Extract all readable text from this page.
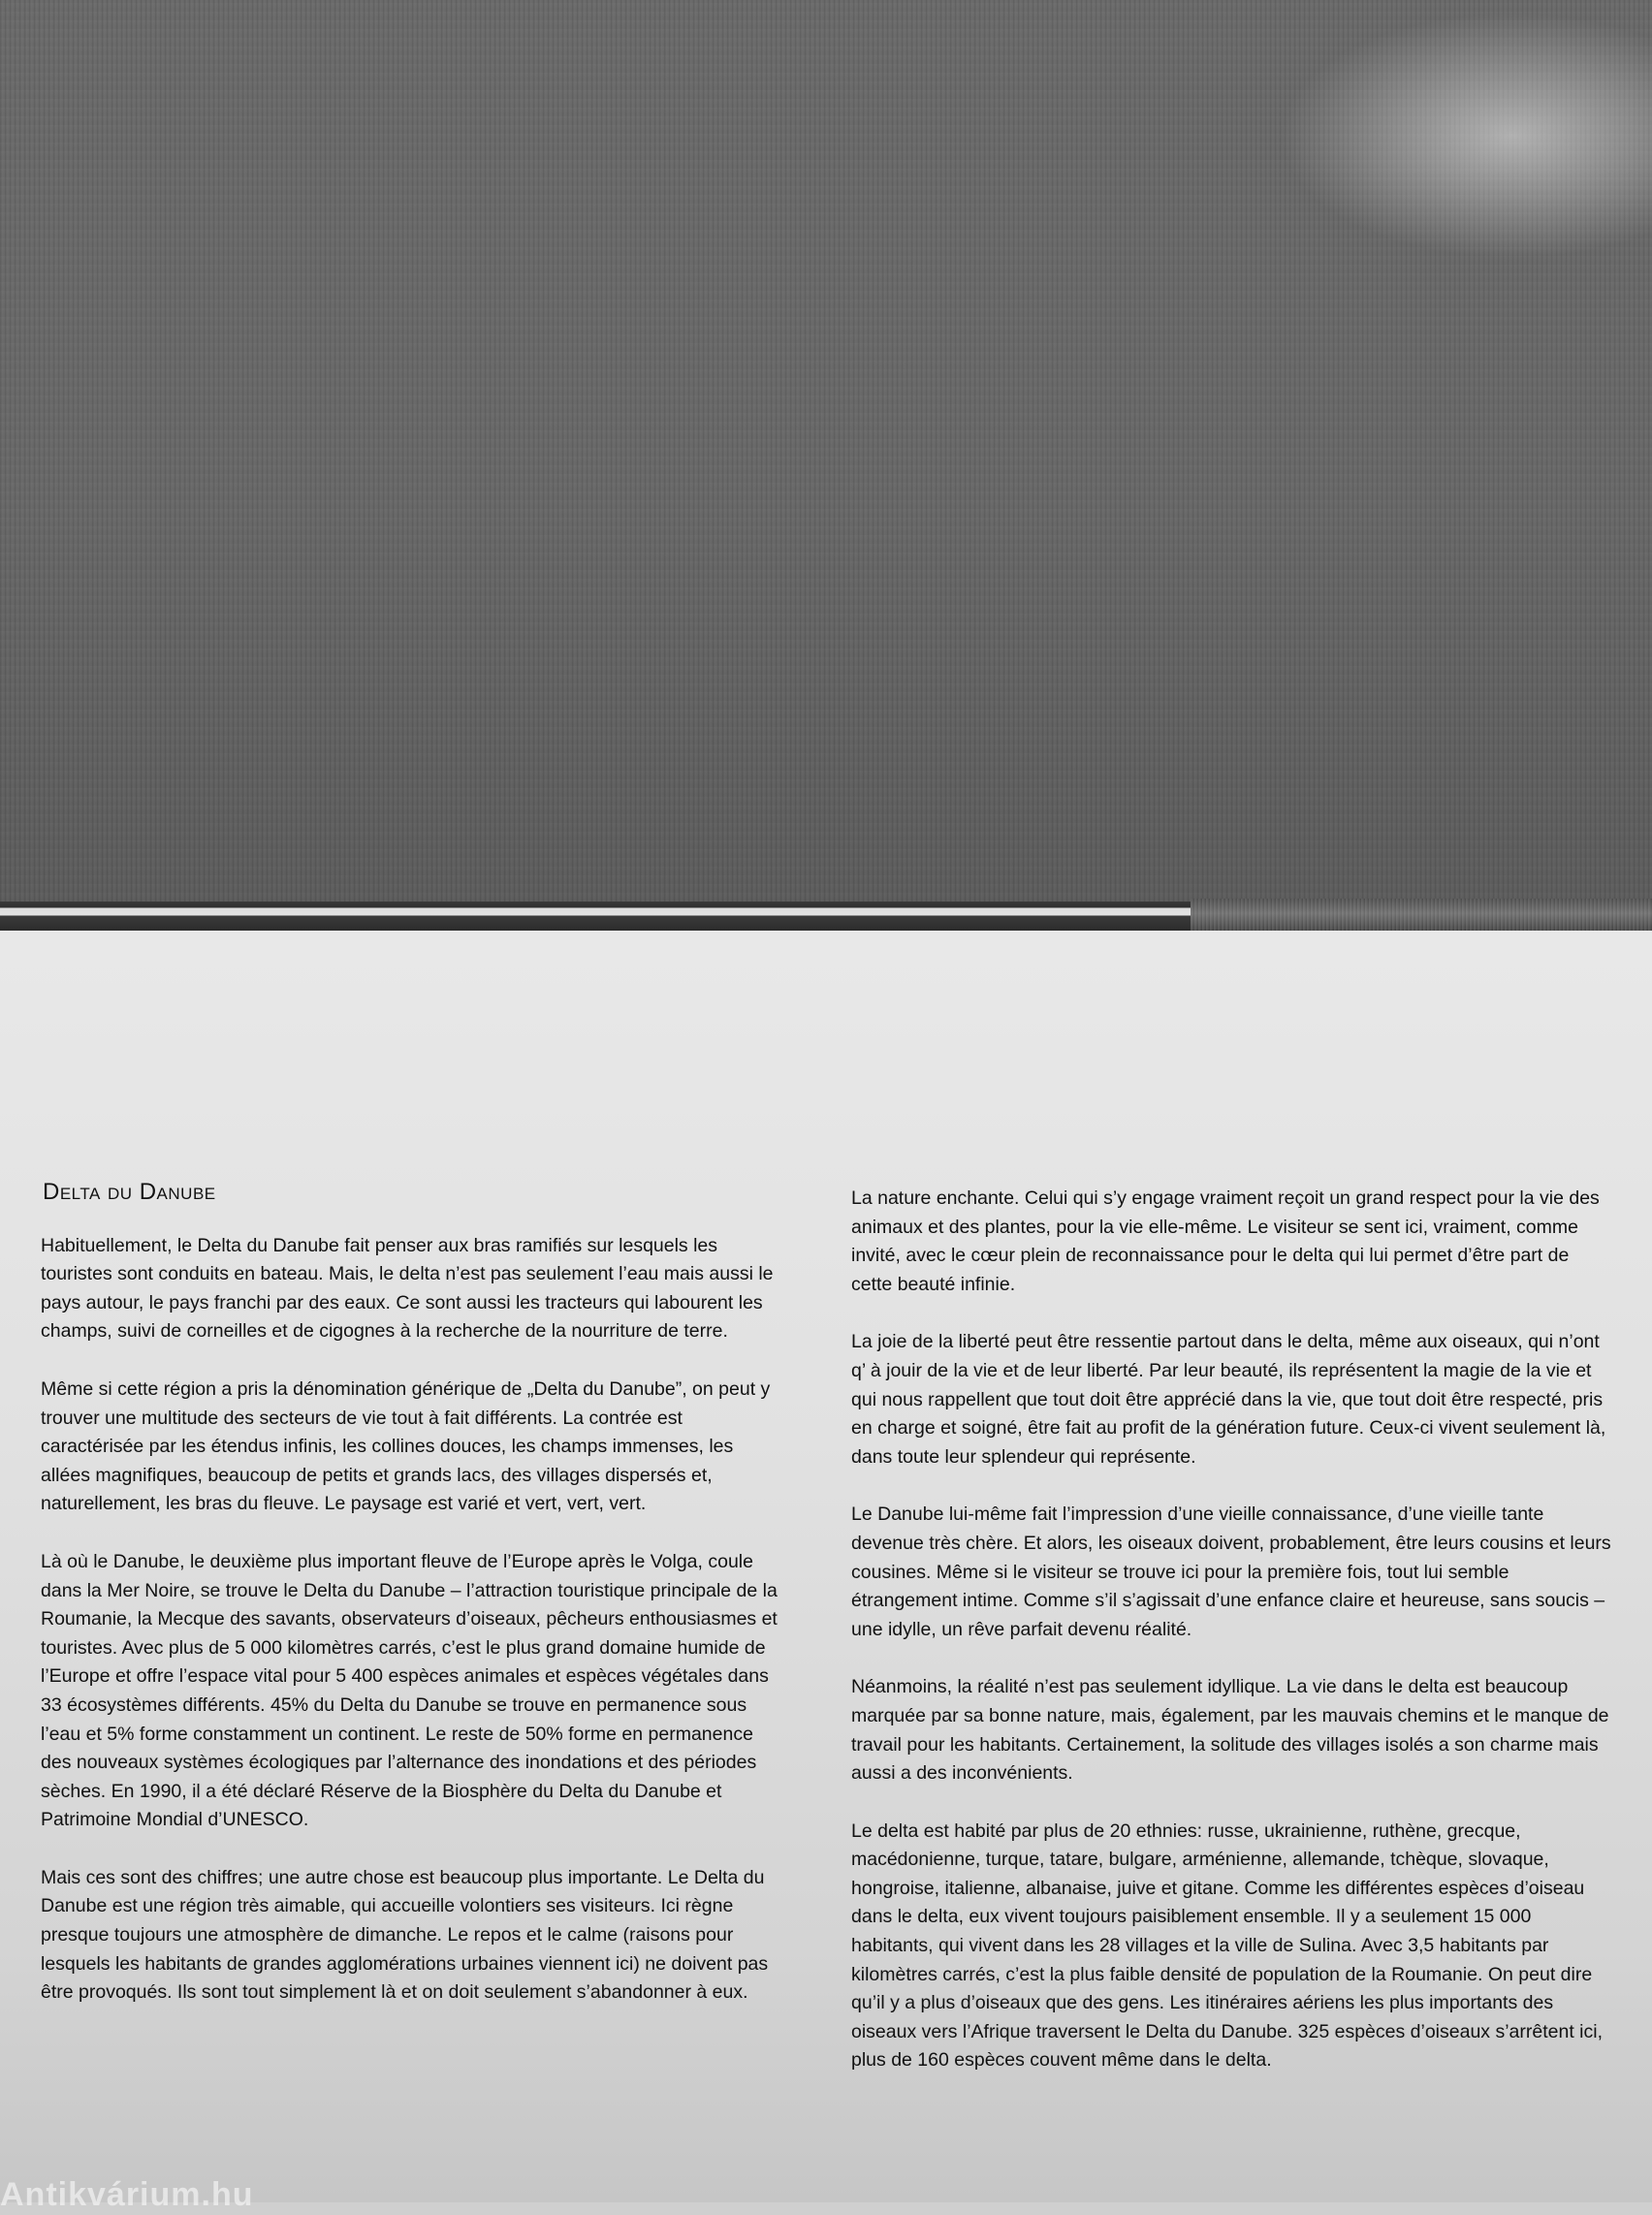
Delta du Danube

Habituellement, le Delta du Danube fait penser aux bras ramifiés sur lesquels les touristes sont conduits en bateau. Mais, le delta n’est pas seulement l’eau mais aussi le pays autour, le pays franchi par des eaux. Ce sont aussi les tracteurs qui labourent les champs, suivi de corneilles et de cigognes à la recherche de la nourriture de terre.

Même si cette région a pris la dénomination générique de „Delta du Danube”, on peut y trouver une multitude des secteurs de vie tout à fait différents. La contrée est caractérisée par les étendus infinis, les collines douces, les champs immenses, les allées magnifiques, beaucoup de petits et grands lacs, des villages dispersés et, naturellement, les bras du fleuve. Le paysage est varié et vert, vert, vert.

Là où le Danube, le deuxième plus important fleuve de l’Europe après le Volga, coule dans la Mer Noire, se trouve le Delta du Danube – l’attraction touristique principale de la Roumanie, la Mecque des savants, observateurs d’oiseaux, pêcheurs enthousiasmes et touristes. Avec plus de 5 000 kilomètres carrés, c’est le plus grand domaine humide de l’Europe et offre l’espace vital pour 5 400 espèces animales et espèces végétales dans 33 écosystèmes différents. 45% du Delta du Danube se trouve en permanence sous l’eau et 5% forme constamment un continent. Le reste de 50% forme en permanence des nouveaux systèmes écologiques par l’alternance des inondations et des périodes sèches. En 1990, il a été déclaré Réserve de la Biosphère du Delta du Danube et Patrimoine Mondial d’UNESCO.

Mais ces sont des chiffres; une autre chose est beaucoup plus importante. Le Delta du Danube est une région très aimable, qui accueille volontiers ses visiteurs. Ici règne presque toujours une atmosphère de dimanche. Le repos et le calme (raisons pour lesquels les habitants de grandes agglomérations urbaines viennent ici) ne doivent pas être provoqués. Ils sont tout simplement là et on doit seulement s’abandonner à eux.

La nature enchante. Celui qui s’y engage vraiment reçoit un grand respect pour la vie des animaux et des plantes, pour la vie elle-même. Le visiteur se sent ici, vraiment, comme invité, avec le cœur plein de reconnaissance pour le delta qui lui permet d’être part de cette beauté infinie.

La joie de la liberté peut être ressentie partout dans le delta, même aux oiseaux, qui n’ont q’ à jouir de la vie et de leur liberté. Par leur beauté, ils représentent la magie de la vie et qui nous rappellent que tout doit être apprécié dans la vie, que tout doit être respecté, pris en charge et soigné, être fait au profit de la génération future. Ceux-ci vivent seulement là, dans toute leur splendeur qui représente.

Le Danube lui-même fait l’impression d’une vieille connaissance, d’une vieille tante devenue très chère. Et alors, les oiseaux doivent, probablement, être leurs cousins et leurs cousines. Même si le visiteur se trouve ici pour la première fois, tout lui semble étrangement intime. Comme s’il s’agissait d’une enfance claire et heureuse, sans soucis – une idylle, un rêve parfait devenu réalité.

Néanmoins, la réalité n’est pas seulement idyllique. La vie dans le delta est beaucoup marquée par sa bonne nature, mais, également, par les mauvais chemins et le manque de travail pour les habitants. Certainement, la solitude des villages isolés a son charme mais aussi a des inconvénients.

Le delta est habité par plus de 20 ethnies: russe, ukrainienne, ruthène, grecque, macédonienne, turque, tatare, bulgare, arménienne, allemande, tchèque, slovaque, hongroise, italienne, albanaise, juive et gitane. Comme les différentes espèces d’oiseau dans le delta, eux vivent toujours paisiblement ensemble. Il y a seulement 15 000 habitants, qui vivent dans les 28 villages et la ville de Sulina. Avec 3,5 habitants par kilomètres carrés, c’est la plus faible densité de population de la Roumanie. On peut dire qu’il y a plus d’oiseaux que des gens. Les itinéraires aériens les plus importants des oiseaux vers l’Afrique traversent le Delta du Danube. 325 espèces d’oiseaux s’arrêtent ici, plus de 160 espèces couvent même dans le delta.

Antikvárium.hu
